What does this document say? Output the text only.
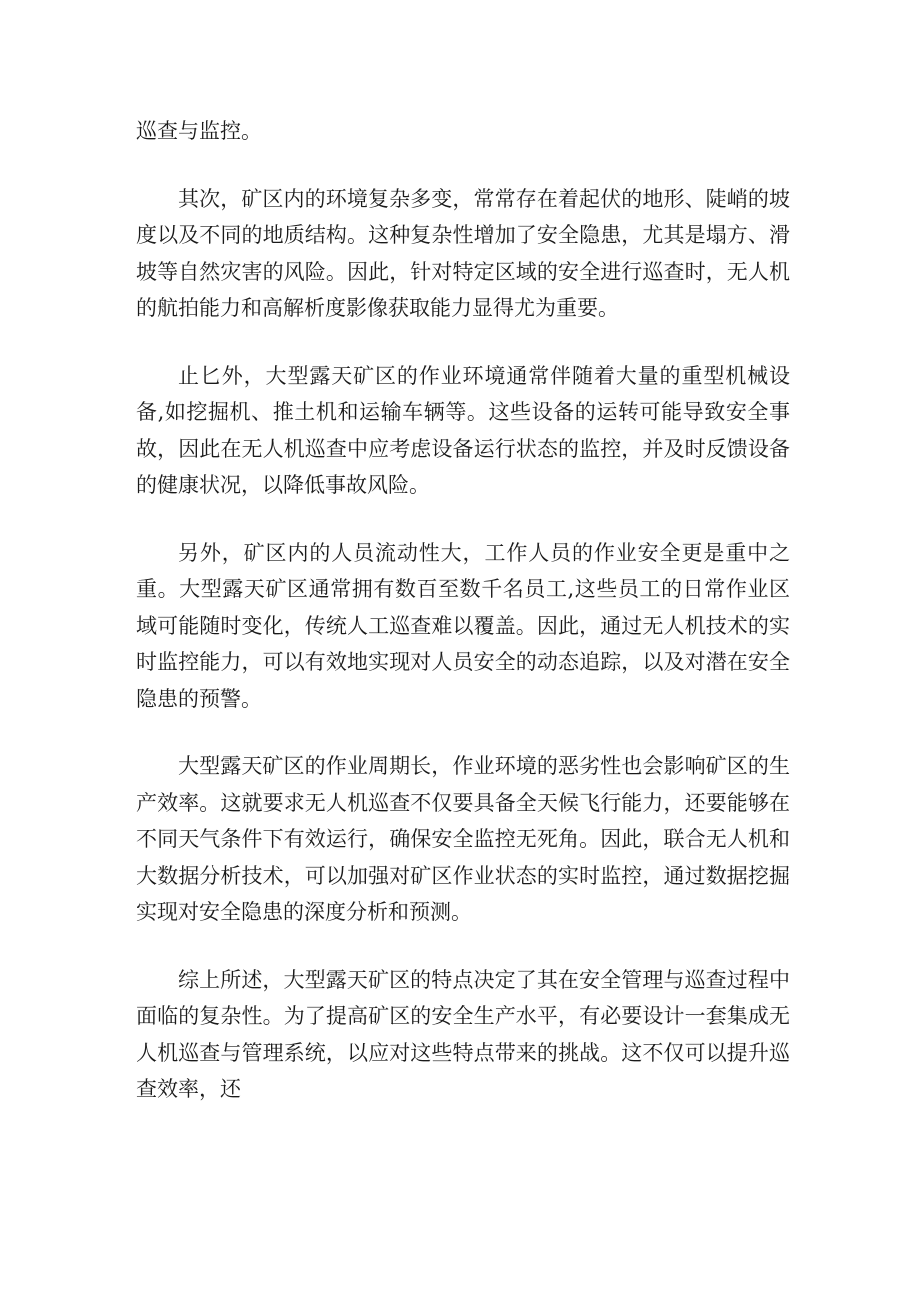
巡查与监控。

其次，矿区内的环境复杂多变，常常存在着起伏的地形、陡峭的坡度以及不同的地质结构。这种复杂性增加了安全隐患，尤其是塌方、滑坡等自然灾害的风险。因此，针对特定区域的安全进行巡查时，无人机的航拍能力和高解析度影像获取能力显得尤为重要。

止匕外，大型露天矿区的作业环境通常伴随着大量的重型机械设备,如挖掘机、推土机和运输车辆等。这些设备的运转可能导致安全事故，因此在无人机巡查中应考虑设备运行状态的监控，并及时反馈设备的健康状况，以降低事故风险。

另外，矿区内的人员流动性大，工作人员的作业安全更是重中之重。大型露天矿区通常拥有数百至数千名员工,这些员工的日常作业区域可能随时变化，传统人工巡查难以覆盖。因此，通过无人机技术的实时监控能力，可以有效地实现对人员安全的动态追踪，以及对潜在安全隐患的预警。

大型露天矿区的作业周期长，作业环境的恶劣性也会影响矿区的生产效率。这就要求无人机巡查不仅要具备全天候飞行能力，还要能够在不同天气条件下有效运行，确保安全监控无死角。因此，联合无人机和大数据分析技术，可以加强对矿区作业状态的实时监控，通过数据挖掘实现对安全隐患的深度分析和预测。

综上所述，大型露天矿区的特点决定了其在安全管理与巡查过程中面临的复杂性。为了提高矿区的安全生产水平，有必要设计一套集成无人机巡查与管理系统，以应对这些特点带来的挑战。这不仅可以提升巡查效率，还
